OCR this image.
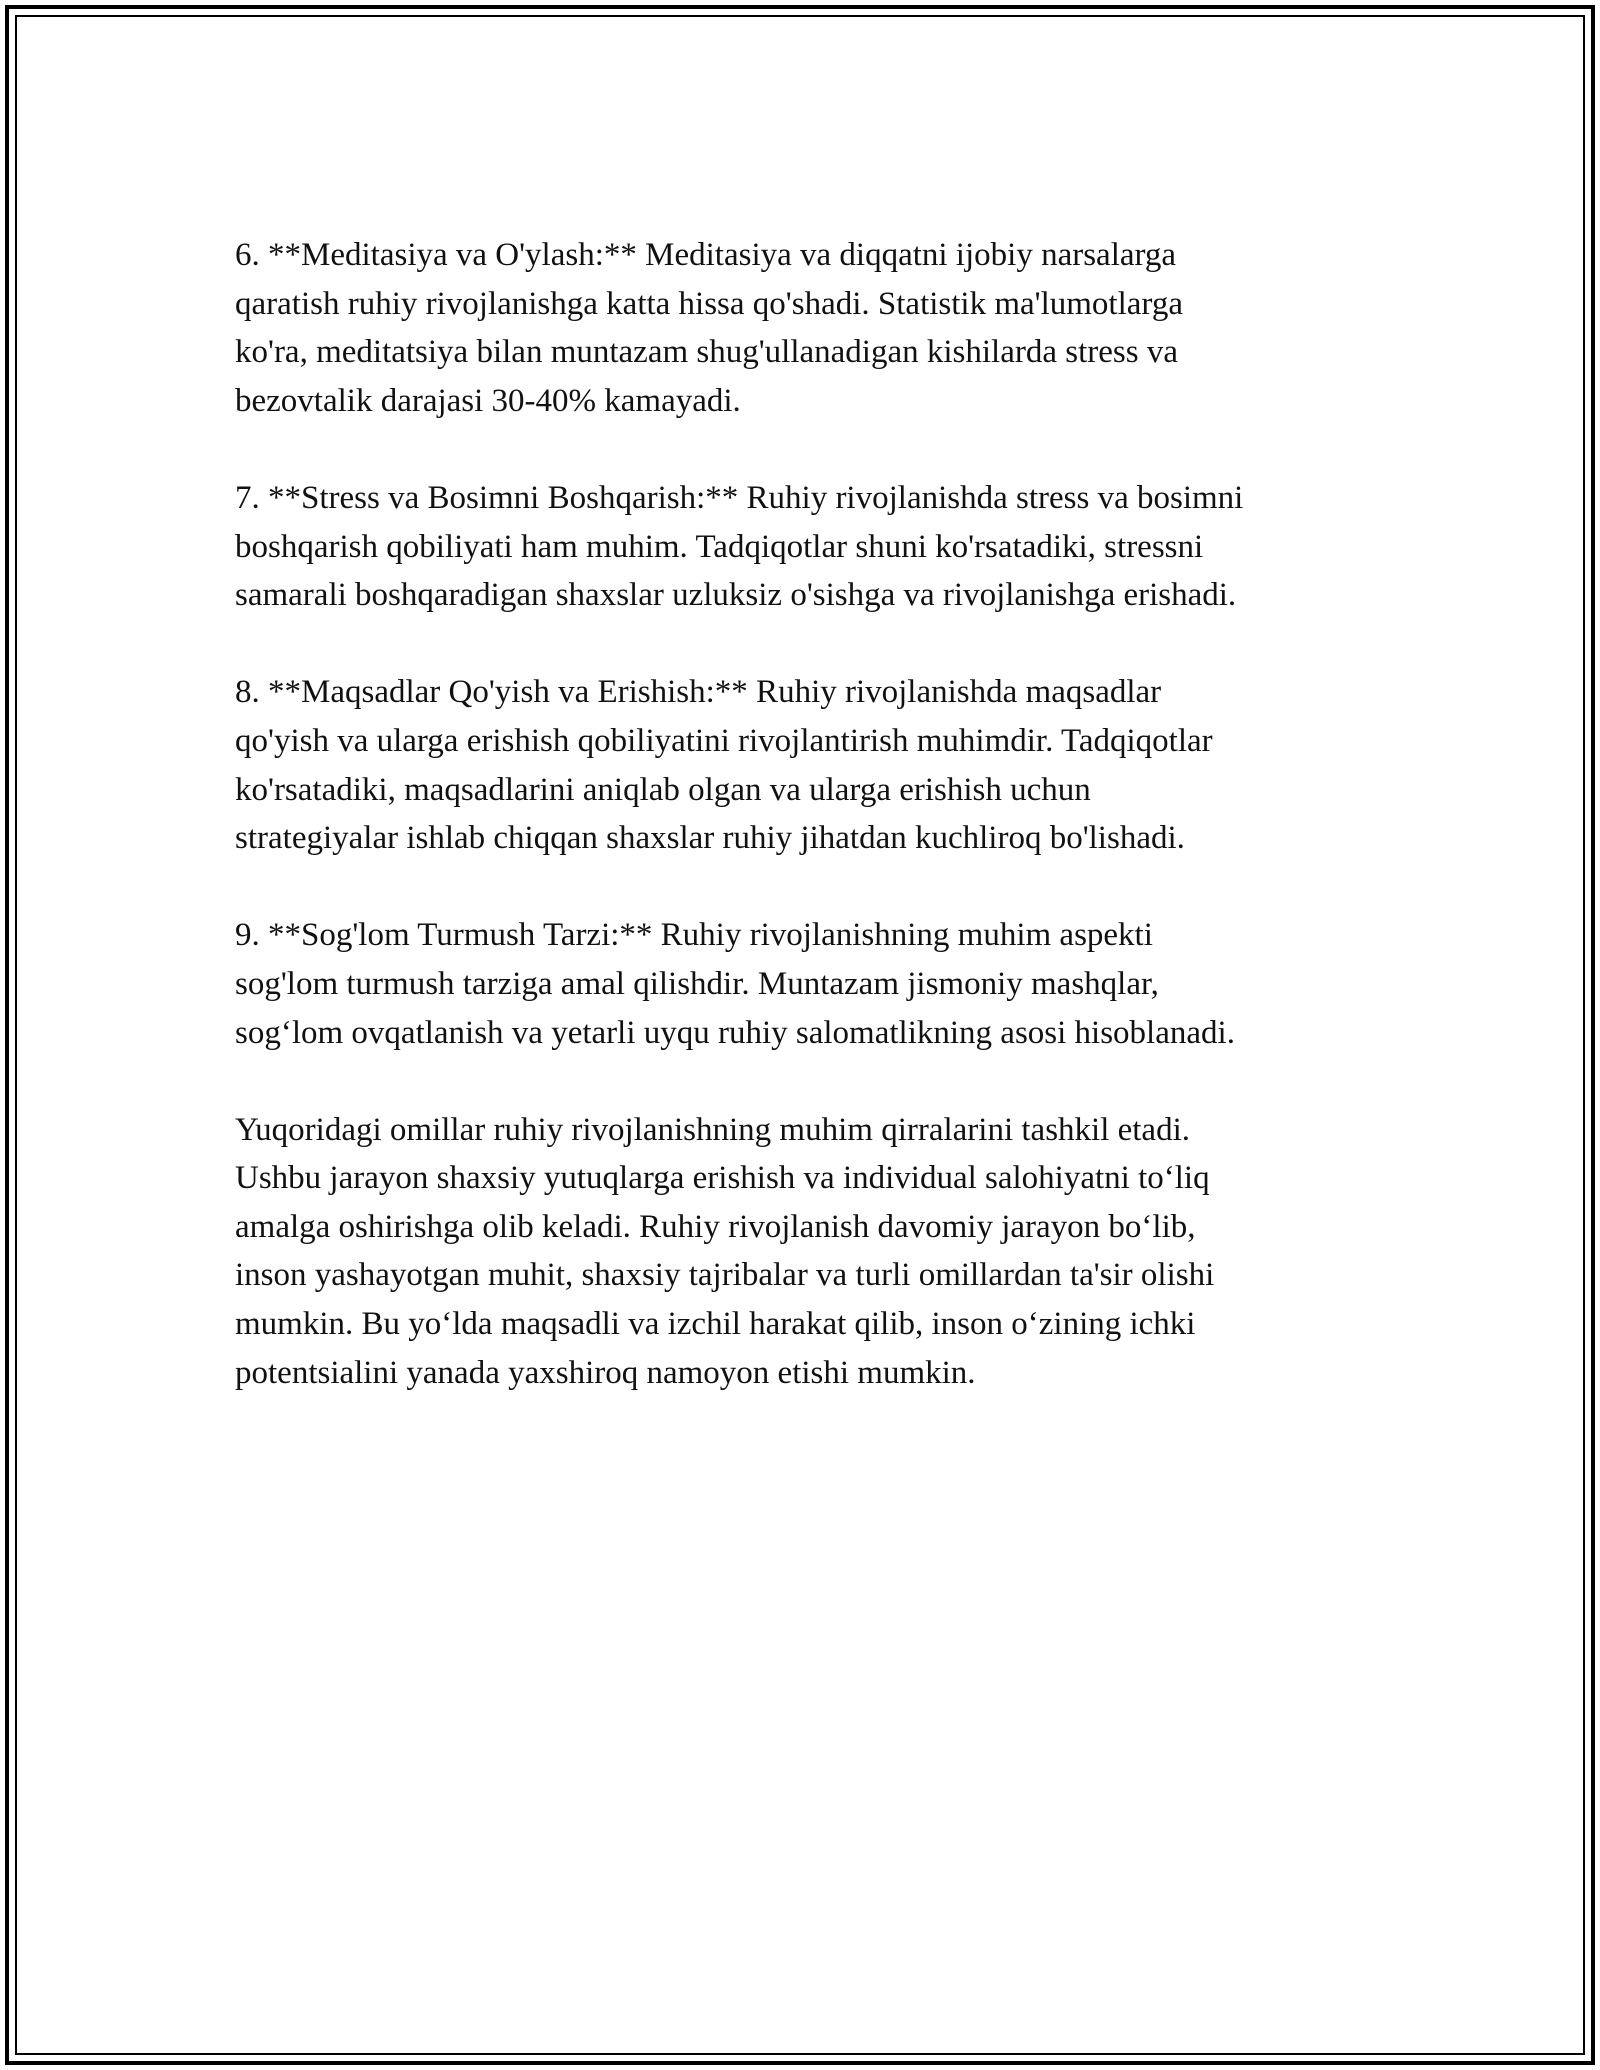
6. **Meditasiya va O'ylash:** Meditasiya va diqqatni ijobiy narsalarga
qaratish ruhiy rivojlanishga katta hissa qo'shadi. Statistik ma'lumotlarga
ko'ra, meditatsiya bilan muntazam shug'ullanadigan kishilarda stress va
bezovtalik darajasi 30-40% kamayadi.

7. **Stress va Bosimni Boshqarish:** Ruhiy rivojlanishda stress va bosimni
boshqarish qobiliyati ham muhim. Tadqiqotlar shuni ko'rsatadiki, stressni
samarali boshqaradigan shaxslar uzluksiz o'sishga va rivojlanishga erishadi.

8. **Maqsadlar Qo'yish va Erishish:** Ruhiy rivojlanishda maqsadlar
qo'yish va ularga erishish qobiliyatini rivojlantirish muhimdir. Tadqiqotlar
ko'rsatadiki, maqsadlarini aniqlab olgan va ularga erishish uchun
strategiyalar ishlab chiqqan shaxslar ruhiy jihatdan kuchliroq bo'lishadi.

9. **Sog'lom Turmush Tarzi:** Ruhiy rivojlanishning muhim aspekti
sog'lom turmush tarziga amal qilishdir. Muntazam jismoniy mashqlar,
sog‘lom ovqatlanish va yetarli uyqu ruhiy salomatlikning asosi hisoblanadi.

Yuqoridagi omillar ruhiy rivojlanishning muhim qirralarini tashkil etadi.
Ushbu jarayon shaxsiy yutuqlarga erishish va individual salohiyatni to‘liq
amalga oshirishga olib keladi. Ruhiy rivojlanish davomiy jarayon bo‘lib,
inson yashayotgan muhit, shaxsiy tajribalar va turli omillardan ta'sir olishi
mumkin. Bu yo‘lda maqsadli va izchil harakat qilib, inson o‘zining ichki
potentsialini yanada yaxshiroq namoyon etishi mumkin.
